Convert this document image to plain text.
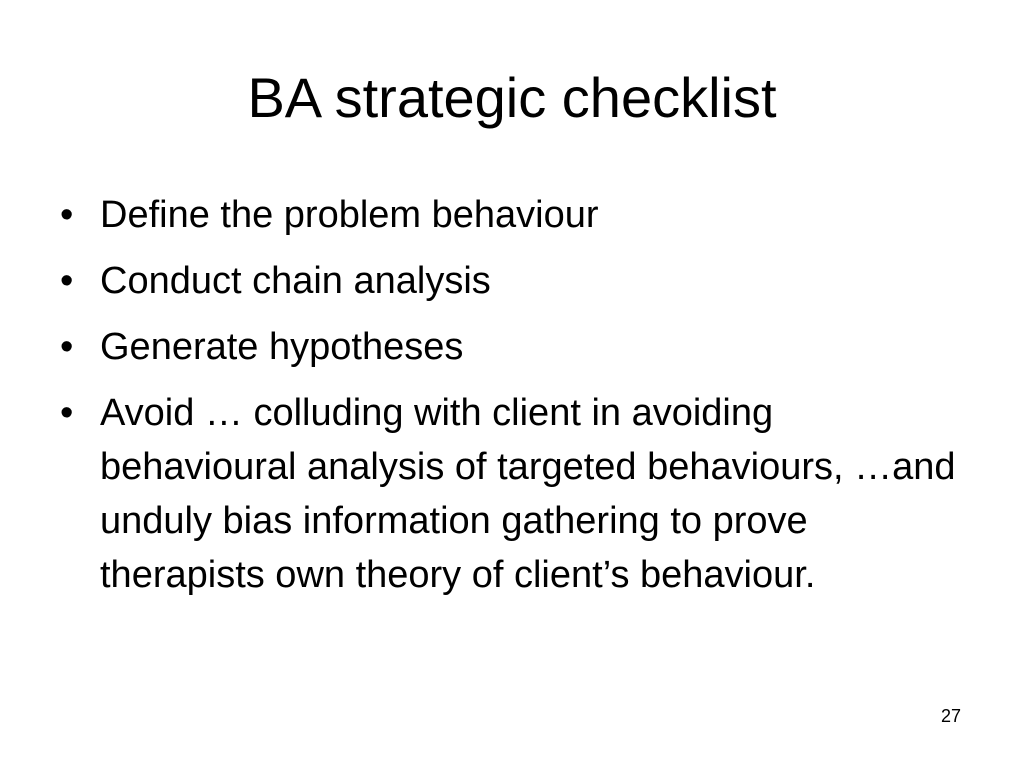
BA strategic checklist
• Define the problem behaviour
• Conduct chain analysis
• Generate hypotheses
• Avoid … colluding with client in avoiding behavioural analysis of targeted behaviours, …and unduly bias information gathering to prove therapists own theory of client’s behaviour.
27
